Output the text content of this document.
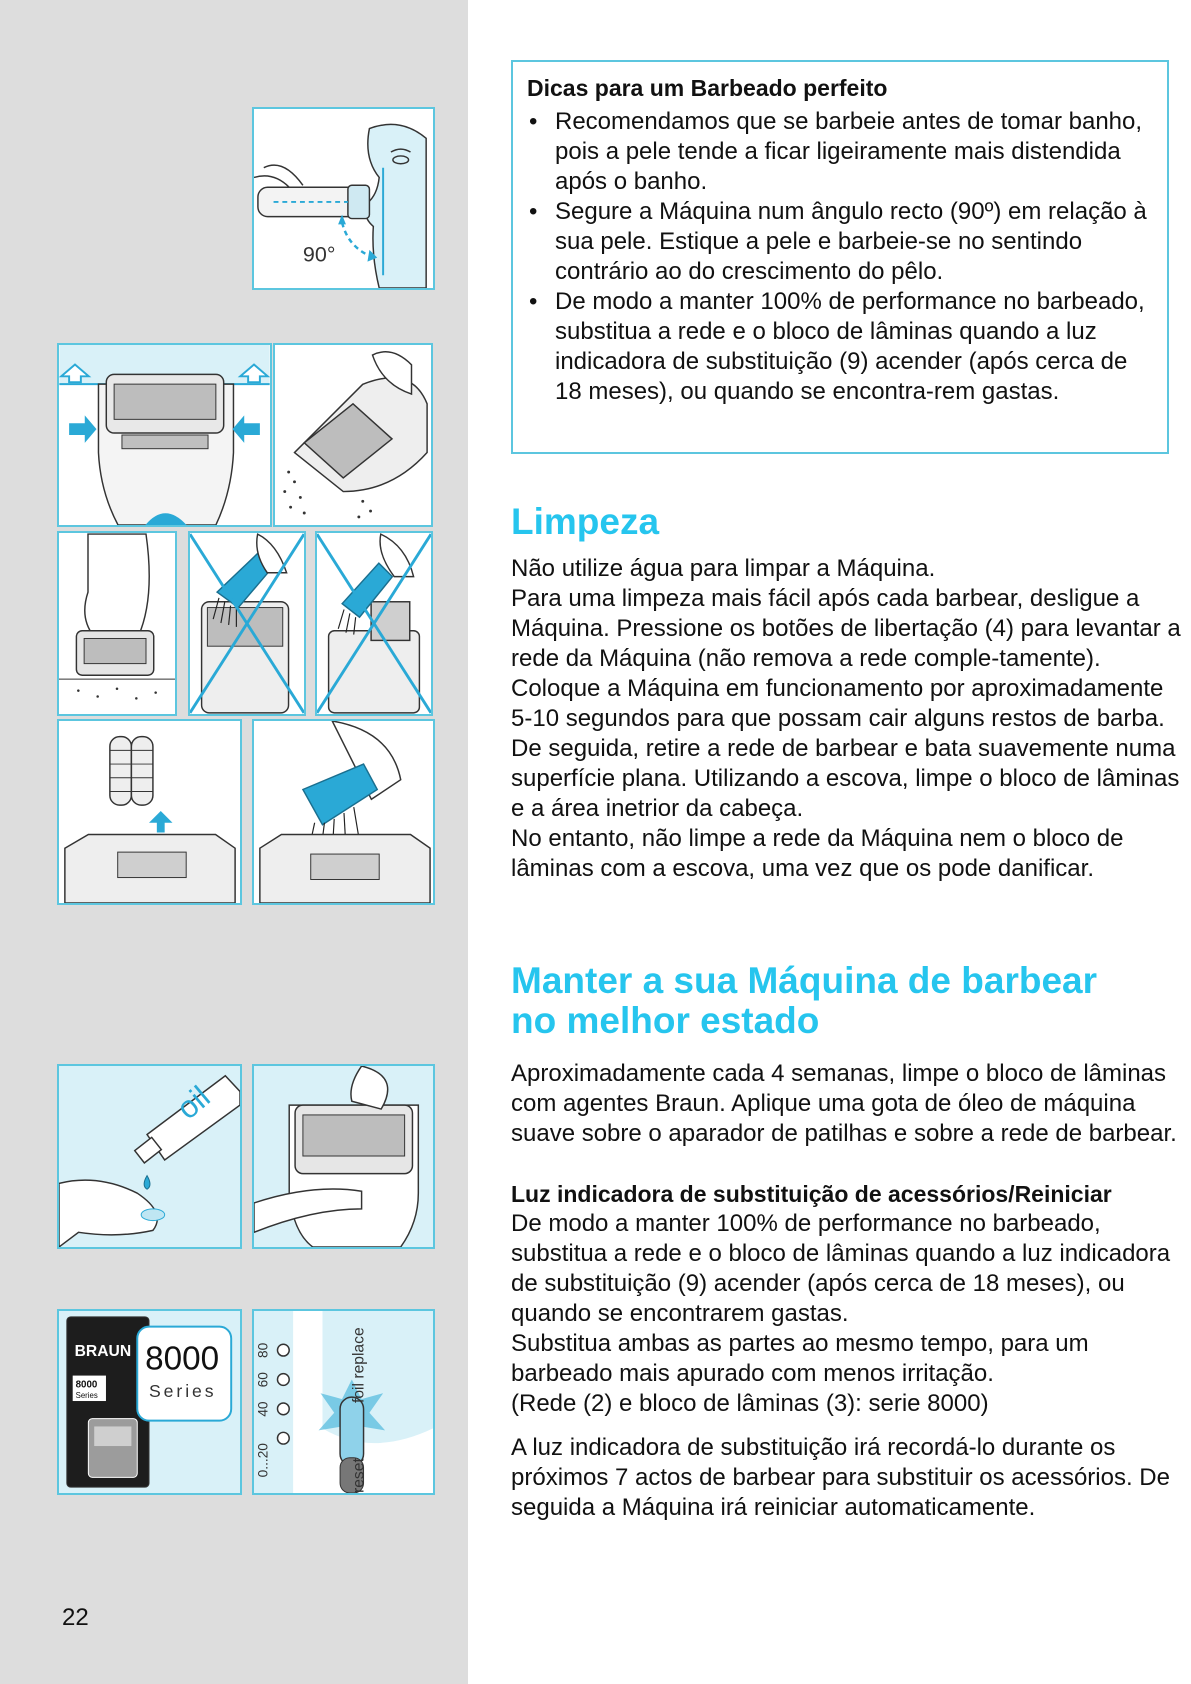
90°
oil
BRAUN
8000
Series
8000
Series
0...20
40
60
80	foil replace
reset
22

Dicas para um Barbeado perfeito

• Recomendamos que se barbeie antes de tomar banho, pois a pele tende a ficar ligeiramente mais distendida após o banho.
• Segure a Máquina num ângulo recto (90º) em relação à sua pele. Estique a pele e barbeie-se no sentindo contrário ao do crescimento do pêlo.
• De modo a manter 100% de performance no barbeado, substitua a rede e o bloco de lâminas quando a luz indicadora de substituição (9) acender (após cerca de 18 meses), ou quando se encontra-rem gastas.
Limpeza

Não utilize água para limpar a Máquina.

Para uma limpeza mais fácil após cada barbear, desligue a Máquina. Pressione os botões de libertação (4) para levantar a rede da Máquina (não remova a rede comple-tamente). Coloque a Máquina em funcionamento por aproximadamente 5-10 segundos para que possam cair alguns restos de barba.

De seguida, retire a rede de barbear e bata suavemente numa superfície plana. Utilizando a escova, limpe o bloco de lâminas e a área inetrior da cabeça.

No entanto, não limpe a rede da Máquina nem o bloco de lâminas com a escova, uma vez que os pode danificar.

Manter a sua Máquina de barbear
no melhor estado

Aproximadamente cada 4 semanas, limpe o bloco de lâminas com agentes Braun. Aplique uma gota de óleo de máquina suave sobre o aparador de patilhas e sobre a rede de barbear.

Luz indicadora de substituição de acessórios/Reiniciar

De modo a manter 100% de performance no barbeado, substitua a rede e o bloco de lâminas quando a luz indicadora de substituição (9) acender (após cerca de 18 meses), ou quando se encontrarem gastas.

Substitua ambas as partes ao mesmo tempo, para um barbeado mais apurado com menos irritação.

(Rede (2) e bloco de lâminas (3): serie 8000)

A luz indicadora de substituição irá recordá-lo durante os próximos 7 actos de barbear para substituir os acessórios. De seguida a Máquina irá reiniciar automaticamente.
